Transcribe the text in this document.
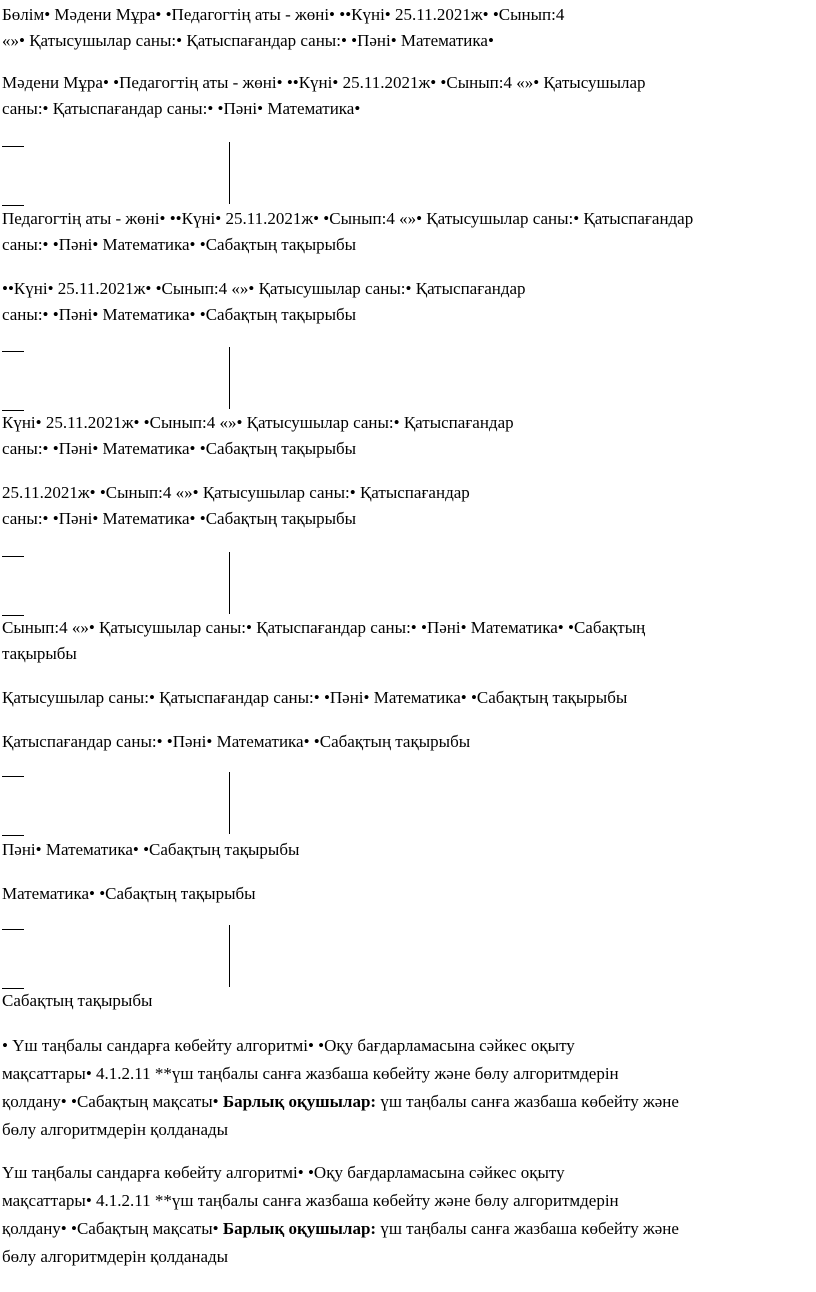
Бөлім• Мәдени Мұра• •Педагогтің аты - жөні• ••Күні• 25.11.2021ж• •Сынып:4
«»• Қатысушылар саны:• Қатыспағандар саны:• •Пәні• Математика•
Мәдени Мұра• •Педагогтің аты - жөні• ••Күні• 25.11.2021ж• •Сынып:4 «»• Қатысушылар
саны:• Қатыспағандар саны:• •Пәні• Математика•
Педагогтің аты - жөні• ••Күні• 25.11.2021ж• •Сынып:4 «»• Қатысушылар саны:• Қатыспағандар
саны:• •Пәні• Математика• •Сабақтың тақырыбы
••Күні• 25.11.2021ж• •Сынып:4 «»• Қатысушылар саны:• Қатыспағандар
саны:• •Пәні• Математика• •Сабақтың тақырыбы
Күні• 25.11.2021ж• •Сынып:4 «»• Қатысушылар саны:• Қатыспағандар
саны:• •Пәні• Математика• •Сабақтың тақырыбы
25.11.2021ж• •Сынып:4 «»• Қатысушылар саны:• Қатыспағандар
саны:• •Пәні• Математика• •Сабақтың тақырыбы
Сынып:4 «»• Қатысушылар саны:• Қатыспағандар саны:• •Пәні• Математика• •Сабақтың
тақырыбы
Қатысушылар саны:• Қатыспағандар саны:• •Пәні• Математика• •Сабақтың тақырыбы
Қатыспағандар саны:• •Пәні• Математика• •Сабақтың тақырыбы
Пәні• Математика• •Сабақтың тақырыбы
Математика• •Сабақтың тақырыбы
Сабақтың тақырыбы
• Үш таңбалы сандарға көбейту алгоритмі• •Оқу бағдарламасына сәйкес оқыту
мақсаттары• 4.1.2.11 **үш таңбалы санға жазбаша көбейту және бөлу алгоритмдерін
қолдану• •Сабақтың мақсаты• Барлық оқушылар: үш таңбалы санға жазбаша көбейту және
бөлу алгоритмдерін қолданады
Үш таңбалы сандарға көбейту алгоритмі• •Оқу бағдарламасына сәйкес оқыту
мақсаттары• 4.1.2.11 **үш таңбалы санға жазбаша көбейту және бөлу алгоритмдерін
қолдану• •Сабақтың мақсаты• Барлық оқушылар: үш таңбалы санға жазбаша көбейту және
бөлу алгоритмдерін қолданады
